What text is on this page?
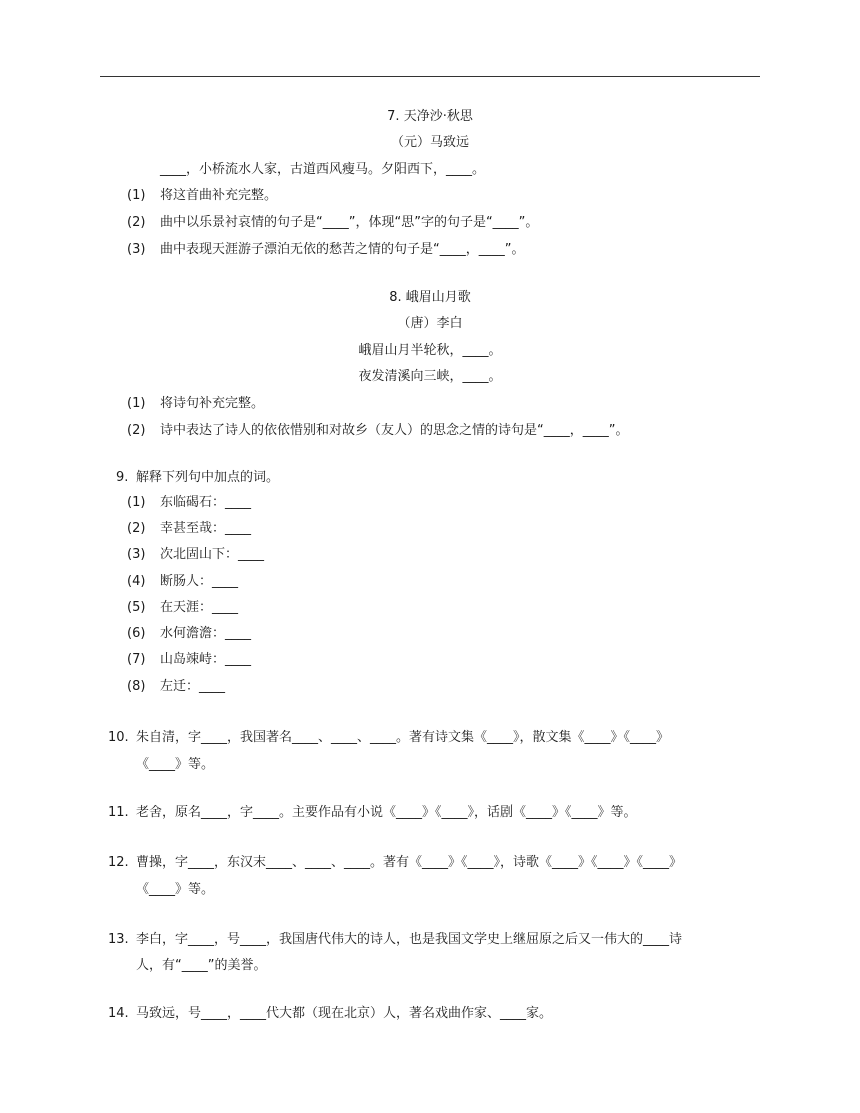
7. 天净沙·秋思
（元）马致远
____，小桥流水人家，古道西风瘦马。夕阳西下，____。
(1) 将这首曲补充完整。
(2) 曲中以乐景衬哀情的句子是“____”，体现“思”字的句子是“____”。
(3) 曲中表现天涯游子漂泊无依的愁苦之情的句子是“____，____”。
8. 峨眉山月歌
（唐）李白
峨眉山月半轮秋，____。
夜发清溪向三峡，____。
(1) 将诗句补充完整。
(2) 诗中表达了诗人的依依惜别和对故乡（友人）的思念之情的诗句是“____，____”。
9. 解释下列句中加点的词。
(1) 东临碣石：____
(2) 幸甚至哉：____
(3) 次北固山下：____
(4) 断肠人：____
(5) 在天涯：____
(6) 水何澹澹：____
(7) 山岛竦峙：____
(8) 左迁：____
10. 朱自清，字____，我国著名____、____、____。著有诗文集《____》，散文集《____》《____》
《____》等。
11. 老舍，原名____，字____。主要作品有小说《____》《____》，话剧《____》《____》等。
12. 曹操，字____，东汉末____、____、____。著有《____》《____》，诗歌《____》《____》《____》
《____》等。
13. 李白，字____，号____，我国唐代伟大的诗人，也是我国文学史上继屈原之后又一伟大的____诗
人，有“____”的美誉。
14. 马致远，号____，____代大都（现在北京）人，著名戏曲作家、____家。
